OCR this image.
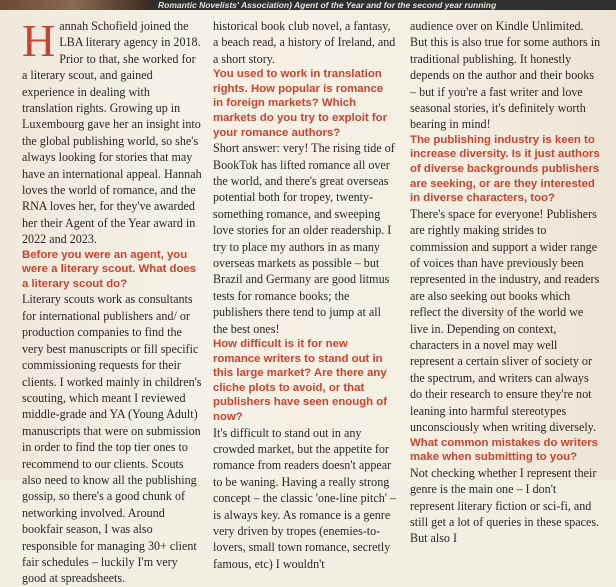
Romantic Novelists' Association) Agent of the Year and for the second year running

Hannah Schofield joined the LBA literary agency in 2018. Prior to that, she worked for a literary scout, and gained experience in dealing with translation rights. Growing up in Luxembourg gave her an insight into the global publishing world, so she's always looking for stories that may have an international appeal. Hannah loves the world of romance, and the RNA loves her, for they've awarded her their Agent of the Year award in 2022 and 2023.

Before you were an agent, you were a literary scout. What does a literary scout do?

Literary scouts work as consultants for international publishers and/ or production companies to find the very best manuscripts or fill specific commissioning requests for their clients. I worked mainly in children's scouting, which meant I reviewed middle-grade and YA (Young Adult) manuscripts that were on submission in order to find the top tier ones to recommend to our clients. Scouts also need to know all the publishing gossip, so there's a good chunk of networking involved. Around bookfair season, I was also responsible for managing 30+ client fair schedules – luckily I'm very good at spreadsheets.

historical book club novel, a fantasy, a beach read, a history of Ireland, and a short story.

You used to work in translation rights. How popular is romance in foreign markets? Which markets do you try to exploit for your romance authors?

Short answer: very! The rising tide of BookTok has lifted romance all over the world, and there's great overseas potential both for tropey, twenty-something romance, and sweeping love stories for an older readership. I try to place my authors in as many overseas markets as possible – but Brazil and Germany are good litmus tests for romance books; the publishers there tend to jump at all the best ones!

How difficult is it for new romance writers to stand out in this large market? Are there any cliche plots to avoid, or that publishers have seen enough of now?

It's difficult to stand out in any crowded market, but the appetite for romance from readers doesn't appear to be waning. Having a really strong concept – the classic 'one-line pitch' – is always key. As romance is a genre very driven by tropes (enemies-to-lovers, small town romance, secretly famous, etc) I wouldn't

audience over on Kindle Unlimited. But this is also true for some authors in traditional publishing. It honestly depends on the author and their books – but if you're a fast writer and love seasonal stories, it's definitely worth bearing in mind!

The publishing industry is keen to increase diversity. Is it just authors of diverse backgrounds publishers are seeking, or are they interested in diverse characters, too?

There's space for everyone! Publishers are rightly making strides to commission and support a wider range of voices than have previously been represented in the industry, and readers are also seeking out books which reflect the diversity of the world we live in. Depending on context, characters in a novel may well represent a certain sliver of society or the spectrum, and writers can always do their research to ensure they're not leaning into harmful stereotypes unconsciously when writing diversely.

What common mistakes do writers make when submitting to you?

Not checking whether I represent their genre is the main one – I don't represent literary fiction or sci-fi, and still get a lot of queries in these spaces. But also I
